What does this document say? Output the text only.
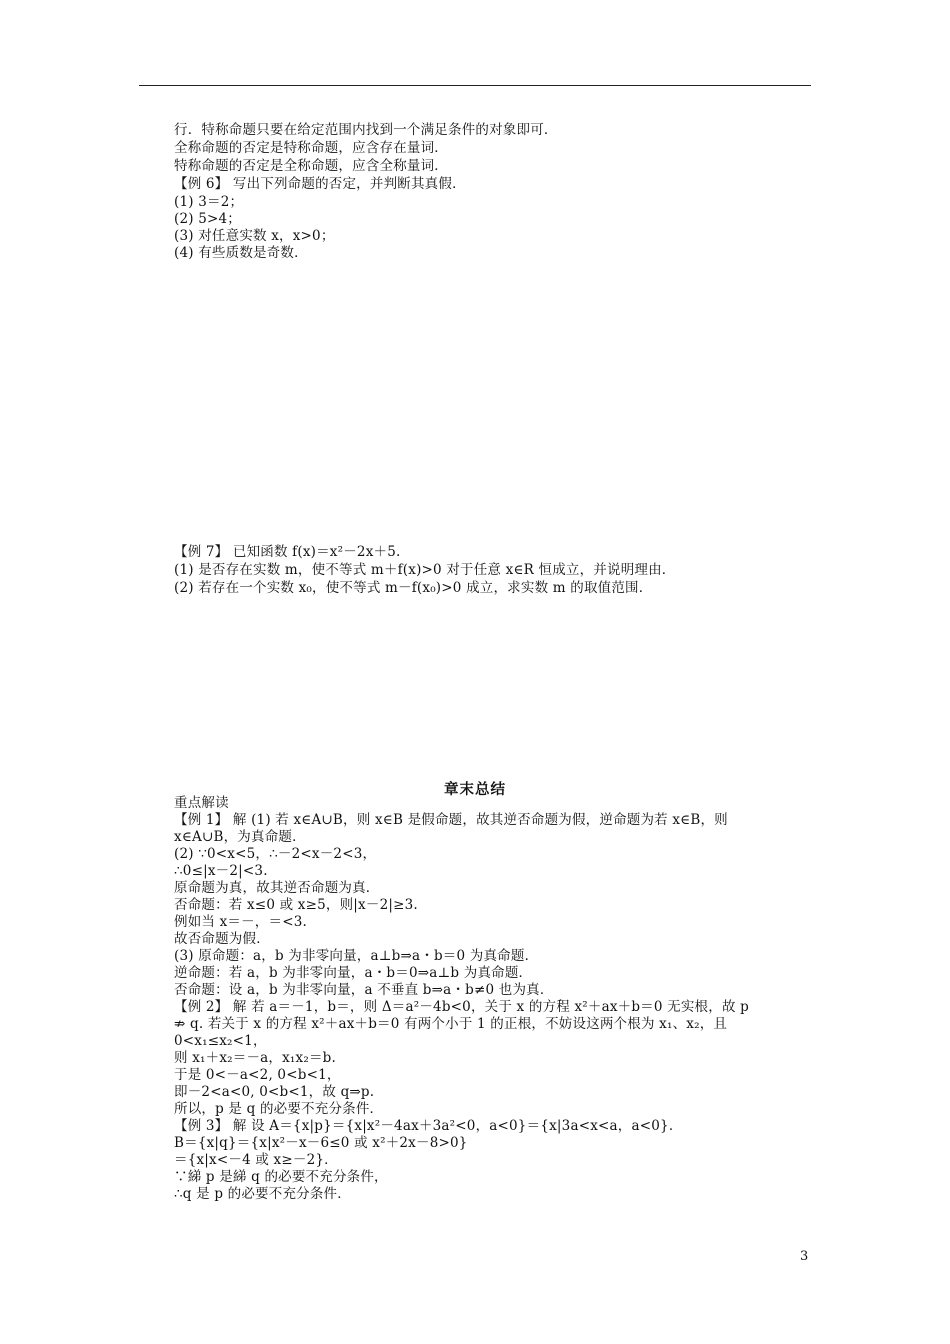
行．特称命题只要在给定范围内找到一个满足条件的对象即可．
全称命题的否定是特称命题，应含存在量词．
特称命题的否定是全称命题，应含全称量词．
【例 6】 写出下列命题的否定，并判断其真假．
(1) 3＝2；
(2) 5>4；
(3) 对任意实数 x，x>0；
(4) 有些质数是奇数．
【例 7】 已知函数 f(x)＝x²－2x＋5.
(1) 是否存在实数 m，使不等式 m＋f(x)>0 对于任意 x∈R 恒成立，并说明理由．
(2) 若存在一个实数 x₀，使不等式 m－f(x₀)>0 成立，求实数 m 的取值范围．
章末总结
重点解读
【例 1】 解 (1) 若 x∈A∪B，则 x∈B 是假命题，故其逆否命题为假，逆命题为若 x∈B，则
x∈A∪B，为真命题．
(2) ∵0<x<5，∴－2<x－2<3，
∴0≤|x－2|<3.
原命题为真，故其逆否命题为真．
否命题：若 x≤0 或 x≥5，则|x－2|≥3.
例如当 x＝－，＝<3.
故否命题为假．
(3) 原命题：a，b 为非零向量，a⊥b⇒a・b＝0 为真命题．
逆命题：若 a，b 为非零向量，a・b＝0⇒a⊥b 为真命题．
否命题：设 a，b 为非零向量，a 不垂直 b⇒a・b≠0 也为真．
【例 2】 解 若 a＝－1，b＝，则 Δ＝a²－4b<0，关于 x 的方程 x²＋ax＋b＝0 无实根，故 p
⇏ q. 若关于 x 的方程 x²＋ax＋b＝0 有两个小于 1 的正根，不妨设这两个根为 x₁、x₂，且
0<x₁≤x₂<1，
则 x₁＋x₂＝－a，x₁x₂＝b.
于是 0<－a<2, 0<b<1，
即－2<a<0, 0<b<1，故 q⇒p.
所以，p 是 q 的必要不充分条件．
【例 3】 解 设 A＝{x|p}＝{x|x²－4ax＋3a²<0，a<0}＝{x|3a<x<a，a<0}．
B＝{x|q}＝{x|x²－x－6≤0 或 x²＋2x－8>0}
＝{x|x<－4 或 x≥－2}．
∵綈 p 是綈 q 的必要不充分条件，
∴q 是 p 的必要不充分条件．
3
